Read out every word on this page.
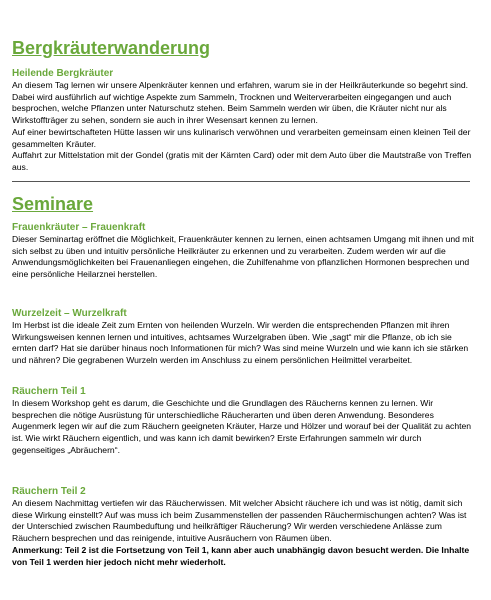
Bergkräuterwanderung
Heilende Bergkräuter

An diesem Tag lernen wir unsere Alpenkräuter kennen und erfahren, warum sie in der Heilkräuterkunde so begehrt sind. Dabei wird ausführlich auf wichtige Aspekte zum Sammeln, Trocknen und Weiterverarbeiten eingegangen und auch besprochen, welche Pflanzen unter Naturschutz stehen. Beim Sammeln werden wir üben, die Kräuter nicht nur als Wirkstoffträger zu sehen, sondern sie auch in ihrer Wesensart kennen zu lernen.

Auf einer bewirtschafteten Hütte lassen wir uns kulinarisch verwöhnen und verarbeiten gemeinsam einen kleinen Teil der gesammelten Kräuter.

Auffahrt zur Mittelstation mit der Gondel (gratis mit der Kärnten Card) oder mit dem Auto über die Mautstraße von Treffen aus.

Seminare
Frauenkräuter – Frauenkraft

Dieser Seminartag eröffnet die Möglichkeit, Frauenkräuter kennen zu lernen, einen achtsamen Umgang mit ihnen und mit sich selbst zu üben und intuitiv persönliche Heilkräuter zu erkennen und zu verarbeiten. Zudem werden wir auf die Anwendungsmöglichkeiten bei Frauenanliegen eingehen, die Zuhilfenahme von pflanzlichen Hormonen besprechen und eine persönliche Heilarznei herstellen.

Wurzelzeit – Wurzelkraft

Im Herbst ist die ideale Zeit zum Ernten von heilenden Wurzeln. Wir werden die entsprechenden Pflanzen mit ihren Wirkungsweisen kennen lernen und intuitives, achtsames Wurzelgraben üben. Wie „sagt“ mir die Pflanze, ob ich sie ernten darf? Hat sie darüber hinaus noch Informationen für mich? Was sind meine Wurzeln und wie kann ich sie stärken und nähren? Die gegrabenen Wurzeln werden im Anschluss zu einem persönlichen Heilmittel verarbeitet.

Räuchern Teil 1

In diesem Workshop geht es darum, die Geschichte und die Grundlagen des Räucherns kennen zu lernen. Wir besprechen die nötige Ausrüstung für unterschiedliche Räucherarten und üben deren Anwendung. Besonderes Augenmerk legen wir auf die zum Räuchern geeigneten Kräuter, Harze und Hölzer und worauf bei der Qualität zu achten ist. Wie wirkt Räuchern eigentlich, und was kann ich damit bewirken? Erste Erfahrungen sammeln wir durch gegenseitiges „Abräuchern“.

Räuchern Teil 2

An diesem Nachmittag vertiefen wir das Räucherwissen. Mit welcher Absicht räuchere ich und was ist nötig, damit sich diese Wirkung einstellt? Auf was muss ich beim Zusammenstellen der passenden Räuchermischungen achten? Was ist der Unterschied zwischen Raumbeduftung und heilkräftiger Räucherung? Wir werden verschiedene Anlässe zum Räuchern besprechen und das reinigende, intuitive Ausräuchern von Räumen üben.

Anmerkung: Teil 2 ist die Fortsetzung von Teil 1, kann aber auch unabhängig davon besucht werden. Die Inhalte von Teil 1 werden hier jedoch nicht mehr wiederholt.
